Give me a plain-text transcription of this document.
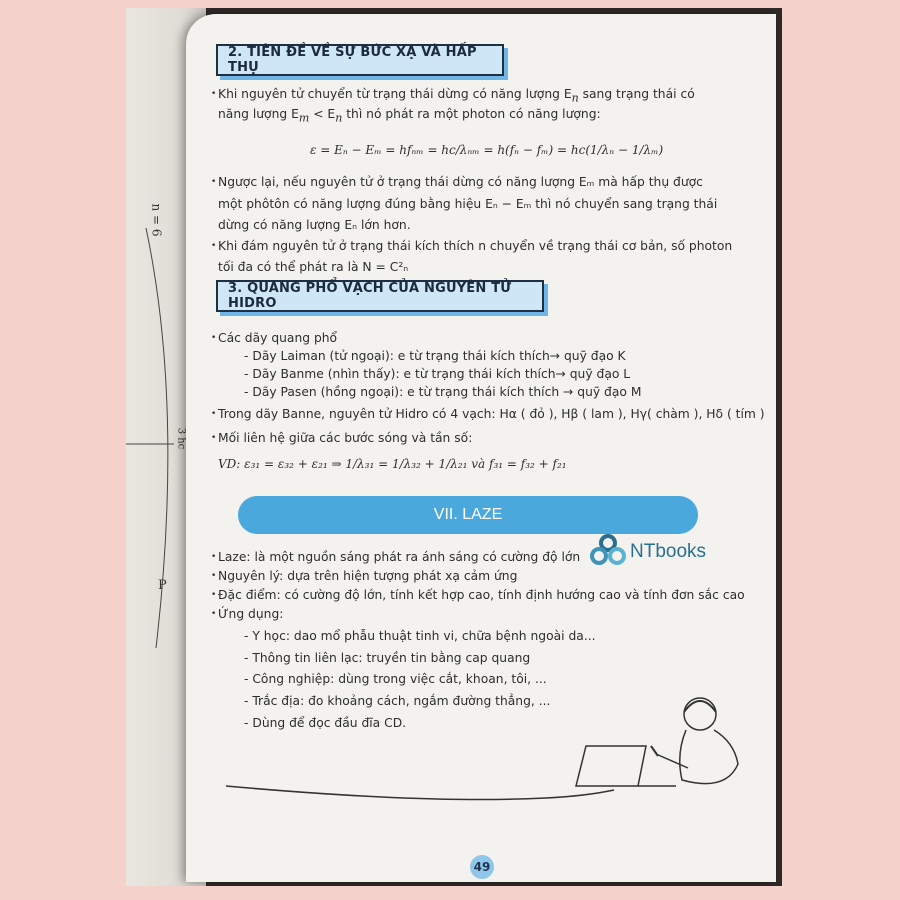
n = 6
3 hc
P
2. TIÊN ĐỀ VỀ SỰ BỨC XẠ VÀ HẤP THỤ
• Khi nguyên tử chuyển từ trạng thái dừng có năng lượng $E_n$ sang trạng thái có
năng lượng $E_m < E_n$ thì nó phát ra một photon có năng lượng:
ε = Eₙ − Eₘ = hfₙₘ = hc/λₙₘ = h(fₙ − fₘ) = hc(1/λₙ − 1/λₘ)
• Ngược lại, nếu nguyên tử ở trạng thái dừng có năng lượng Eₘ mà hấp thụ được
một phôtôn có năng lượng đúng bằng hiệu Eₙ − Eₘ thì nó chuyển sang trạng thái
dừng có năng lượng Eₙ lớn hơn.
• Khi đám nguyên tử ở trạng thái kích thích n chuyển về trạng thái cơ bản, số photon
tối đa có thể phát ra là N = C²ₙ
3. QUANG PHỔ VẠCH CỦA NGUYÊN TỬ HIDRO
• Các dãy quang phổ
- Dãy Laiman (tử ngoại): e từ trạng thái kích thích→ quỹ đạo K
- Dãy Banme (nhìn thấy): e từ trạng thái kích thích→ quỹ đạo L
- Dãy Pasen (hồng ngoại): e từ trạng thái kích thích → quỹ đạo M
• Trong dãy Banne, nguyên tử Hidro có 4 vạch: Hα ( đỏ ), Hβ ( lam ), Hγ( chàm ), Hδ ( tím )
• Mối liên hệ giữa các bước sóng và tần số:
VD: ε₃₁ = ε₃₂ + ε₂₁ ⇒ 1/λ₃₁ = 1/λ₃₂ + 1/λ₂₁ và f₃₁ = f₃₂ + f₂₁
VII. LAZE
NTbooks
• Laze: là một nguồn sáng phát ra ánh sáng có cường độ lớn
• Nguyên lý: dựa trên hiện tượng phát xạ cảm ứng
• Đặc điểm: có cường độ lớn, tính kết hợp cao, tính định hướng cao và tính đơn sắc cao
• Ứng dụng:
- Y học: dao mổ phẫu thuật tinh vi, chữa bệnh ngoài da...
- Thông tin liên lạc: truyền tin bằng cap quang
- Công nghiệp: dùng trong việc cắt, khoan, tôi, ...
- Trắc địa: đo khoảng cách, ngắm đường thẳng, ...
- Dùng để đọc đầu đĩa CD.
49
